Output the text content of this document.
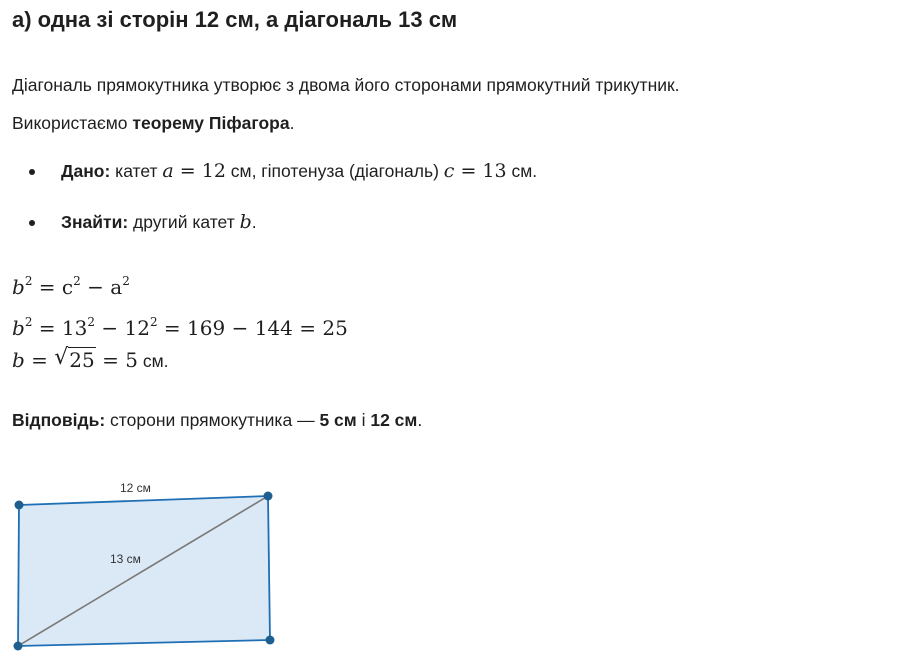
а) одна зі сторін 12 см, а діагональ 13 см

Діагональ прямокутника утворює з двома його сторонами прямокутний трикутник.

Використаємо теорему Піфагора.

Дано: катет a = 12 см, гіпотенуза (діагональ) c = 13 см.
Знайти: другий катет b.
$b^2 = c^2 - a^2$
$b^2 = 13^2 - 12^2 = 169 - 144 = 25$
b = √ 25 = 5 см.

Відповідь: сторони прямокутника — 5 см і 12 см.

12 см
13 см
